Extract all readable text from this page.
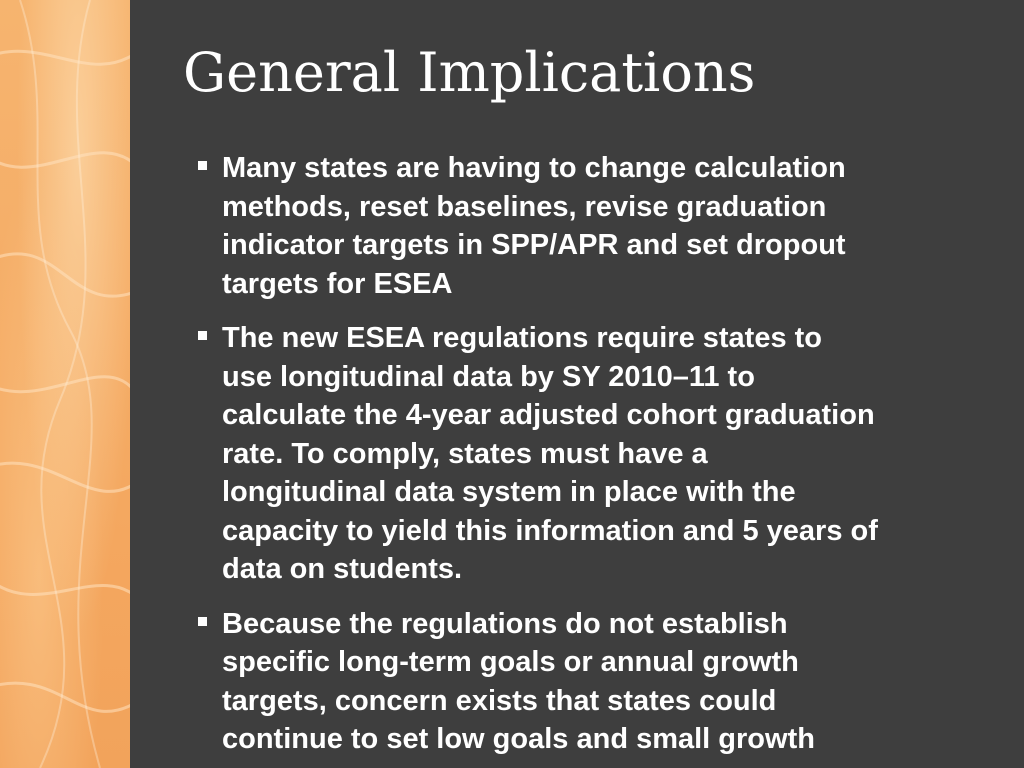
General Implications
Many states are having to change calculation
methods, reset baselines, revise graduation
indicator targets in SPP/APR and set dropout
targets for ESEA
The new ESEA regulations require states to
use longitudinal data by SY 2010–11 to
calculate the 4-year adjusted cohort graduation
rate. To comply, states must have a
longitudinal data system in place with the
capacity to yield this information and 5 years of
data on students.
Because the regulations do not establish
specific long-term goals or annual growth
targets, concern exists that states could
continue to set low goals and small growth
